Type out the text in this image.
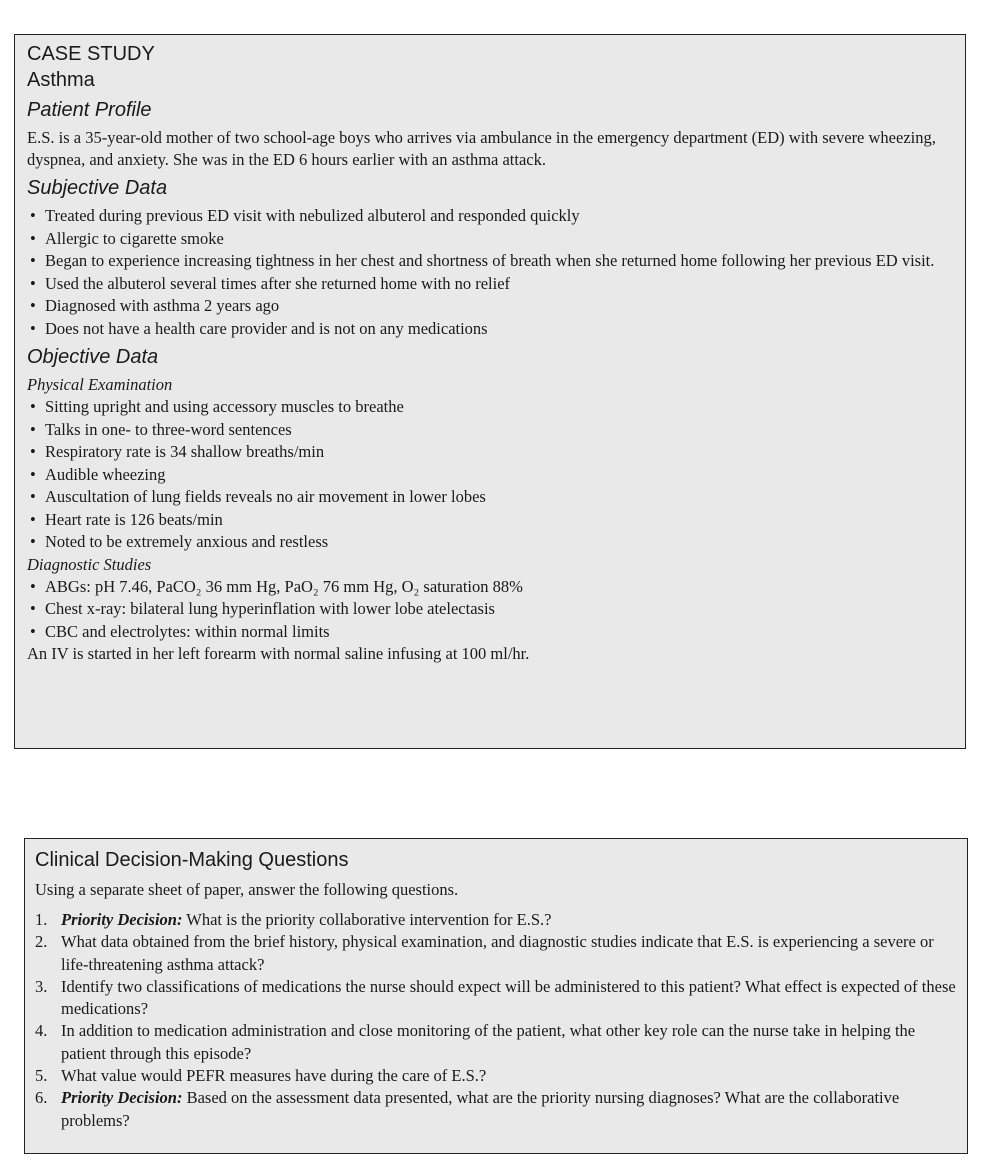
CASE STUDY
Asthma
Patient Profile

E.S. is a 35-year-old mother of two school-age boys who arrives via ambulance in the emergency department (ED) with severe wheezing, dyspnea, and anxiety. She was in the ED 6 hours earlier with an asthma attack.

Subjective Data
• Treated during previous ED visit with nebulized albuterol and responded quickly
• Allergic to cigarette smoke
• Began to experience increasing tightness in her chest and shortness of breath when she returned home following her previous ED visit.
• Used the albuterol several times after she returned home with no relief
• Diagnosed with asthma 2 years ago
• Does not have a health care provider and is not on any medications
Objective Data
Physical Examination
• Sitting upright and using accessory muscles to breathe
• Talks in one- to three-word sentences
• Respiratory rate is 34 shallow breaths/min
• Audible wheezing
• Auscultation of lung fields reveals no air movement in lower lobes
• Heart rate is 126 beats/min
• Noted to be extremely anxious and restless
Diagnostic Studies
• ABGs: pH 7.46, PaCO₂ 36 mm Hg, PaO₂ 76 mm Hg, O₂ saturation 88%
• Chest x-ray: bilateral lung hyperinflation with lower lobe atelectasis
• CBC and electrolytes: within normal limits

An IV is started in her left forearm with normal saline infusing at 100 ml/hr.

Clinical Decision-Making Questions

Using a separate sheet of paper, answer the following questions.

1. Priority Decision: What is the priority collaborative intervention for E.S.?
2. What data obtained from the brief history, physical examination, and diagnostic studies indicate that E.S. is experiencing a severe or life-threatening asthma attack?
3. Identify two classifications of medications the nurse should expect will be administered to this patient? What effect is expected of these medications?
4. In addition to medication administration and close monitoring of the patient, what other key role can the nurse take in helping the patient through this episode?
5. What value would PEFR measures have during the care of E.S.?
6. Priority Decision: Based on the assessment data presented, what are the priority nursing diagnoses? What are the collaborative problems?
